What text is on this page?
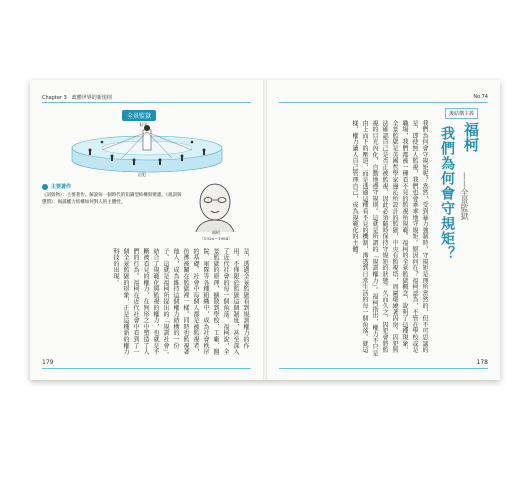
Chapter 3　政體世界的新規則
全景監獄
看守
囚犯
主要著作
《詞與物》：主要著作。解說每一個時代的知識型結構與變遷。《規訓與懲罰》：揭露權力結構如何對人的主體性。
福柯
（1926～1984）
是，透過全景監獄看到規訓權力的作用。不僅限於監獄這個制度，甚至深入了近代社會的每一個角落。福柯說，全景監獄的原理，擴散到學校、工廠、醫院、軍隊等各種組織中，成為社會秩序的基礎。社會中每個人都是被監視者，彷彿被關在監獄裡一樣。同時也監視著他人，成為維持這個權力結構的一份子。這就是福柯所提出的「規訓社會」。結合了規範化與監視的權力，也就是不斷被看見的權力，在無形之中塑造了人們的行為。福柯在近代社會中看到了一個全景監獄的形象，正是這種新的權力科技的出現。
179
No.74
後結構主義
福柯
——全景監獄
我們為何會守規矩？
我們為何會守規矩呢？當然，受到暴力強制時，守規矩是理所當然的，但不可思議的是，即使無人監視，我們也會乖乖地守規矩。原因何在？福柯認為，不管在學校或是職場，我們都被一種看不見的監視所規範。福柯的全景監獄概念，說明了這種現象。全景監獄是英國哲學家邊沁所設計的監獄，中央有監視塔，周圍環繞著囚房。囚犯無法確認自己是否正被監視，因此必須隨時保持守規矩的狀態。久而久之，囚犯會將監視的目光內化，自動地遵守規則。這就是所謂的「規訓權力」。福柯指出，權力不只是由上而下的壓迫，而是透過這種看不見的機制，滲透到日常生活的每一個角落。就這樣，權力讓人自己管理自己，成為規範化的主體。
178
